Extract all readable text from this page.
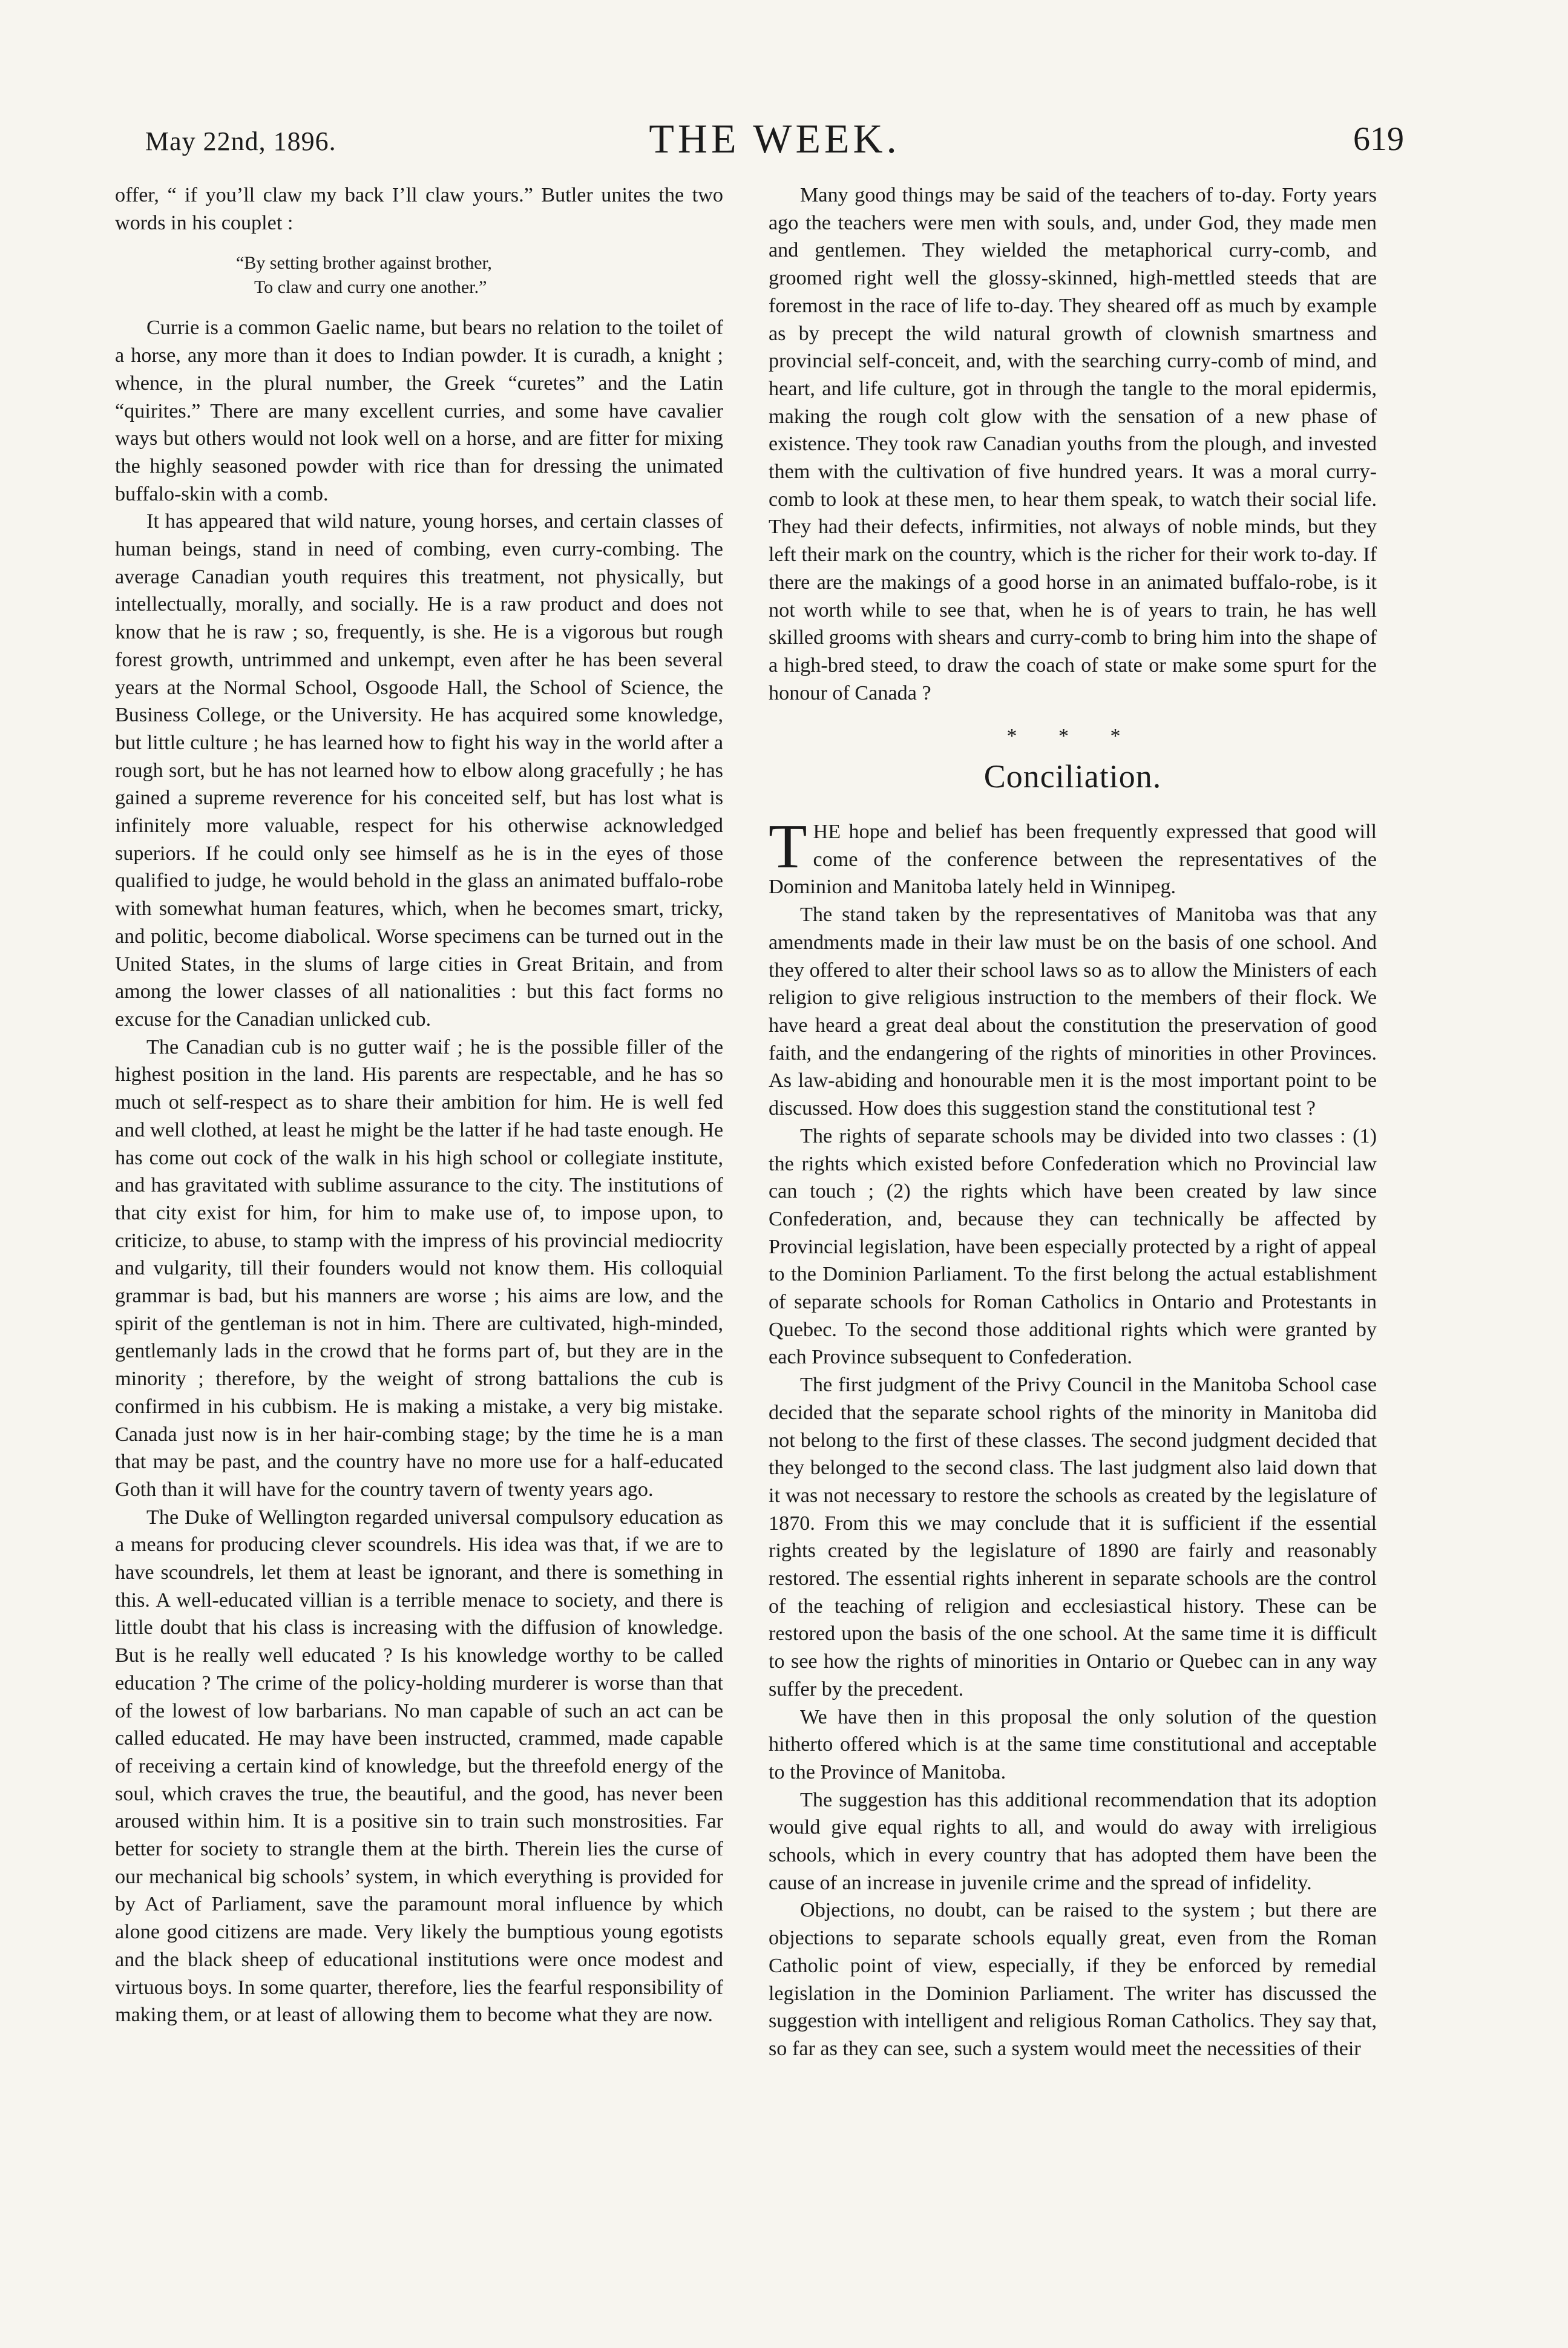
May 22nd, 1896.	THE WEEK.	619

offer, “ if you’ll claw my back I’ll claw yours.” Butler unites the two words in his couplet :

“By setting brother against brother,
To claw and curry one another.”

Currie is a common Gaelic name, but bears no relation to the toilet of a horse, any more than it does to Indian powder. It is curadh, a knight ; whence, in the plural number, the Greek “curetes” and the Latin “quirites.” There are many excellent curries, and some have cavalier ways but others would not look well on a horse, and are fitter for mixing the highly seasoned powder with rice than for dressing the unimated buffalo-skin with a comb.

It has appeared that wild nature, young horses, and certain classes of human beings, stand in need of combing, even curry-combing. The average Canadian youth requires this treatment, not physically, but intellectually, morally, and socially. He is a raw product and does not know that he is raw ; so, frequently, is she. He is a vigorous but rough forest growth, untrimmed and unkempt, even after he has been several years at the Normal School, Osgoode Hall, the School of Science, the Business College, or the University. He has acquired some knowledge, but little culture ; he has learned how to fight his way in the world after a rough sort, but he has not learned how to elbow along gracefully ; he has gained a supreme reverence for his conceited self, but has lost what is infinitely more valuable, respect for his otherwise acknowledged superiors. If he could only see himself as he is in the eyes of those qualified to judge, he would behold in the glass an animated buffalo-robe with somewhat human features, which, when he becomes smart, tricky, and politic, become diabolical. Worse specimens can be turned out in the United States, in the slums of large cities in Great Britain, and from among the lower classes of all nationalities : but this fact forms no excuse for the Canadian unlicked cub.

The Canadian cub is no gutter waif ; he is the possible filler of the highest position in the land. His parents are respectable, and he has so much ot self-respect as to share their ambition for him. He is well fed and well clothed, at least he might be the latter if he had taste enough. He has come out cock of the walk in his high school or collegiate institute, and has gravitated with sublime assurance to the city. The institutions of that city exist for him, for him to make use of, to impose upon, to criticize, to abuse, to stamp with the impress of his provincial mediocrity and vulgarity, till their founders would not know them. His colloquial grammar is bad, but his manners are worse ; his aims are low, and the spirit of the gentleman is not in him. There are cultivated, high-minded, gentlemanly lads in the crowd that he forms part of, but they are in the minority ; therefore, by the weight of strong battalions the cub is confirmed in his cubbism. He is making a mistake, a very big mistake. Canada just now is in her hair-combing stage; by the time he is a man that may be past, and the country have no more use for a half-educated Goth than it will have for the country tavern of twenty years ago.

The Duke of Wellington regarded universal compulsory education as a means for producing clever scoundrels. His idea was that, if we are to have scoundrels, let them at least be ignorant, and there is something in this. A well-educated villian is a terrible menace to society, and there is little doubt that his class is increasing with the diffusion of knowledge. But is he really well educated ? Is his knowledge worthy to be called education ? The crime of the policy-holding murderer is worse than that of the lowest of low barbarians. No man capable of such an act can be called educated. He may have been instructed, crammed, made capable of receiving a certain kind of knowledge, but the threefold energy of the soul, which craves the true, the beautiful, and the good, has never been aroused within him. It is a positive sin to train such monstrosities. Far better for society to strangle them at the birth. Therein lies the curse of our mechanical big schools’ system, in which everything is provided for by Act of Parliament, save the paramount moral influence by which alone good citizens are made. Very likely the bumptious young egotists and the black sheep of educational institutions were once modest and virtuous boys. In some quarter, therefore, lies the fearful responsibility of making them, or at least of allowing them to become what they are now.

Many good things may be said of the teachers of to-day. Forty years ago the teachers were men with souls, and, under God, they made men and gentlemen. They wielded the metaphorical curry-comb, and groomed right well the glossy-skinned, high-mettled steeds that are foremost in the race of life to-day. They sheared off as much by example as by precept the wild natural growth of clownish smartness and provincial self-conceit, and, with the searching curry-comb of mind, and heart, and life culture, got in through the tangle to the moral epidermis, making the rough colt glow with the sensation of a new phase of existence. They took raw Canadian youths from the plough, and invested them with the cultivation of five hundred years. It was a moral curry-comb to look at these men, to hear them speak, to watch their social life. They had their defects, infirmities, not always of noble minds, but they left their mark on the country, which is the richer for their work to-day. If there are the makings of a good horse in an animated buffalo-robe, is it not worth while to see that, when he is of years to train, he has well skilled grooms with shears and curry-comb to bring him into the shape of a high-bred steed, to draw the coach of state or make some spurt for the honour of Canada ?

* * *
Conciliation.

THE hope and belief has been frequently expressed that good will come of the conference between the representatives of the Dominion and Manitoba lately held in Winnipeg.

The stand taken by the representatives of Manitoba was that any amendments made in their law must be on the basis of one school. And they offered to alter their school laws so as to allow the Ministers of each religion to give religious instruction to the members of their flock. We have heard a great deal about the constitution the preservation of good faith, and the endangering of the rights of minorities in other Provinces. As law-abiding and honourable men it is the most important point to be discussed. How does this suggestion stand the constitutional test ?

The rights of separate schools may be divided into two classes : (1) the rights which existed before Confederation which no Provincial law can touch ; (2) the rights which have been created by law since Confederation, and, because they can technically be affected by Provincial legislation, have been especially protected by a right of appeal to the Dominion Parliament. To the first belong the actual establishment of separate schools for Roman Catholics in Ontario and Protestants in Quebec. To the second those additional rights which were granted by each Province subsequent to Confederation.

The first judgment of the Privy Council in the Manitoba School case decided that the separate school rights of the minority in Manitoba did not belong to the first of these classes. The second judgment decided that they belonged to the second class. The last judgment also laid down that it was not necessary to restore the schools as created by the legislature of 1870. From this we may conclude that it is sufficient if the essential rights created by the legislature of 1890 are fairly and reasonably restored. The essential rights inherent in separate schools are the control of the teaching of religion and ecclesiastical history. These can be restored upon the basis of the one school. At the same time it is difficult to see how the rights of minorities in Ontario or Quebec can in any way suffer by the precedent.

We have then in this proposal the only solution of the question hitherto offered which is at the same time constitutional and acceptable to the Province of Manitoba.

The suggestion has this additional recommendation that its adoption would give equal rights to all, and would do away with irreligious schools, which in every country that has adopted them have been the cause of an increase in juvenile crime and the spread of infidelity.

Objections, no doubt, can be raised to the system ; but there are objections to separate schools equally great, even from the Roman Catholic point of view, especially, if they be enforced by remedial legislation in the Dominion Parliament. The writer has discussed the suggestion with intelligent and religious Roman Catholics. They say that, so far as they can see, such a system would meet the necessities of their
